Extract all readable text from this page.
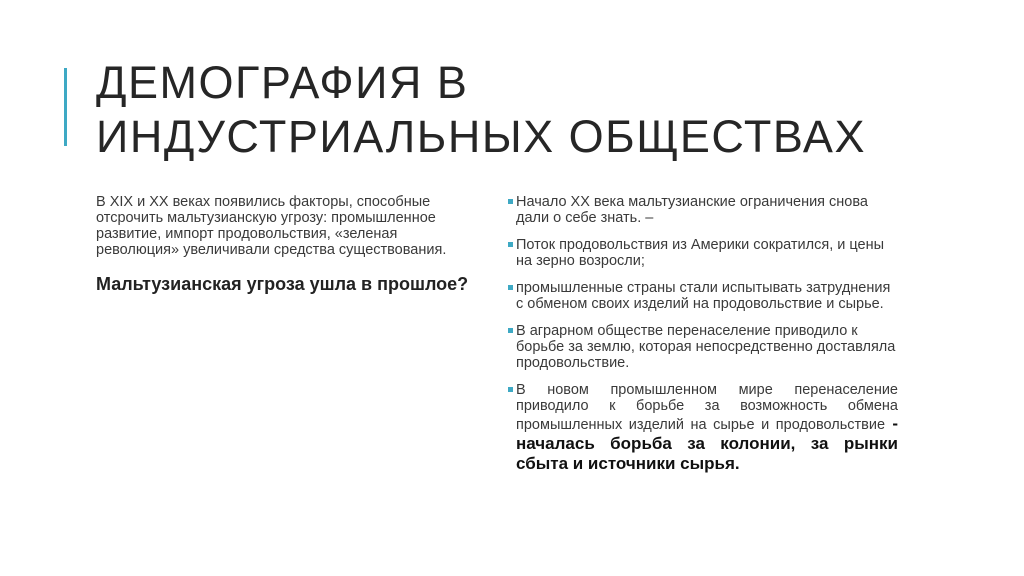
ДЕМОГРАФИЯ В
ИНДУСТРИАЛЬНЫХ ОБЩЕСТВАХ

В XIX и XX веках появились факторы, способные отсрочить мальтузианскую угрозу: промышленное развитие, импорт продовольствия, «зеленая революция» увеличивали средства существования.

Мальтузианская угроза ушла в прошлое?
Начало XX века мальтузианские ограничения снова дали о себе знать. –
Поток продовольствия из Америки сократился, и цены на зерно возросли;
промышленные страны стали испытывать затруднения с обменом своих изделий на продовольствие и сырье.
В аграрном обществе перенаселение приводило к борьбе за землю, которая непосредственно доставляла продовольствие.
В новом промышленном мире перенаселение приводило к борьбе за возможность обмена промышленных изделий на сырье и продовольствие - началась борьба за колонии, за рынки сбыта и источники сырья.
